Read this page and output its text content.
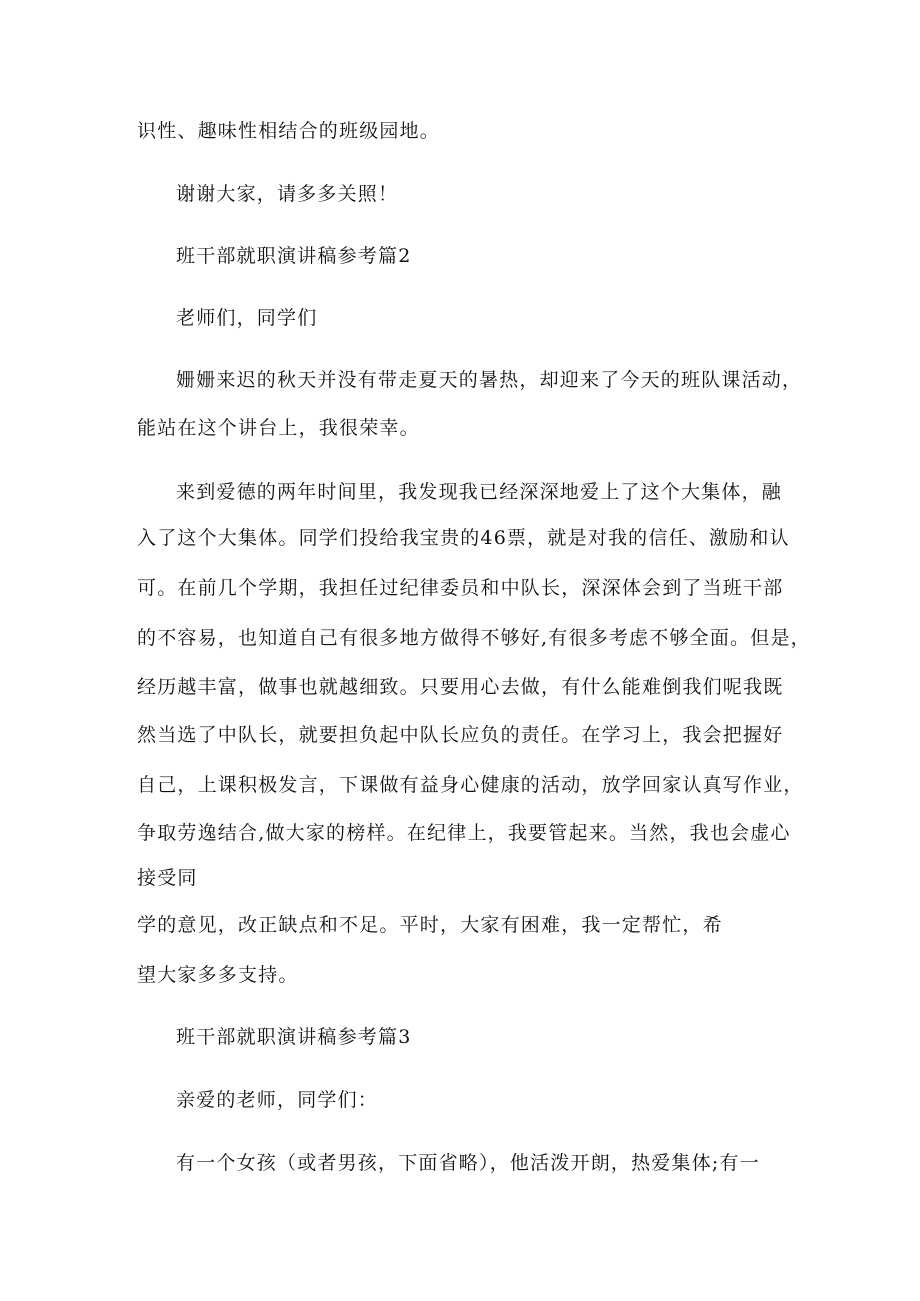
识性、趣味性相结合的班级园地。
谢谢大家，请多多关照！
班干部就职演讲稿参考篇2
老师们，同学们
姗姗来迟的秋天并没有带走夏天的暑热，却迎来了今天的班队课活动，
能站在这个讲台上，我很荣幸。
来到爱德的两年时间里，我发现我已经深深地爱上了这个大集体，融
入了这个大集体。同学们投给我宝贵的46票，就是对我的信任、激励和认
可。在前几个学期，我担任过纪律委员和中队长，深深体会到了当班干部
的不容易，也知道自己有很多地方做得不够好,有很多考虑不够全面。但是，
经历越丰富，做事也就越细致。只要用心去做，有什么能难倒我们呢我既
然当选了中队长，就要担负起中队长应负的责任。在学习上，我会把握好
自己，上课积极发言，下课做有益身心健康的活动，放学回家认真写作业，
争取劳逸结合,做大家的榜样。在纪律上，我要管起来。当然，我也会虚心
接受同
学的意见，改正缺点和不足。平时，大家有困难，我一定帮忙，希
望大家多多支持。
班干部就职演讲稿参考篇3
亲爱的老师，同学们：
有一个女孩（或者男孩，下面省略），他活泼开朗，热爱集体;有一
